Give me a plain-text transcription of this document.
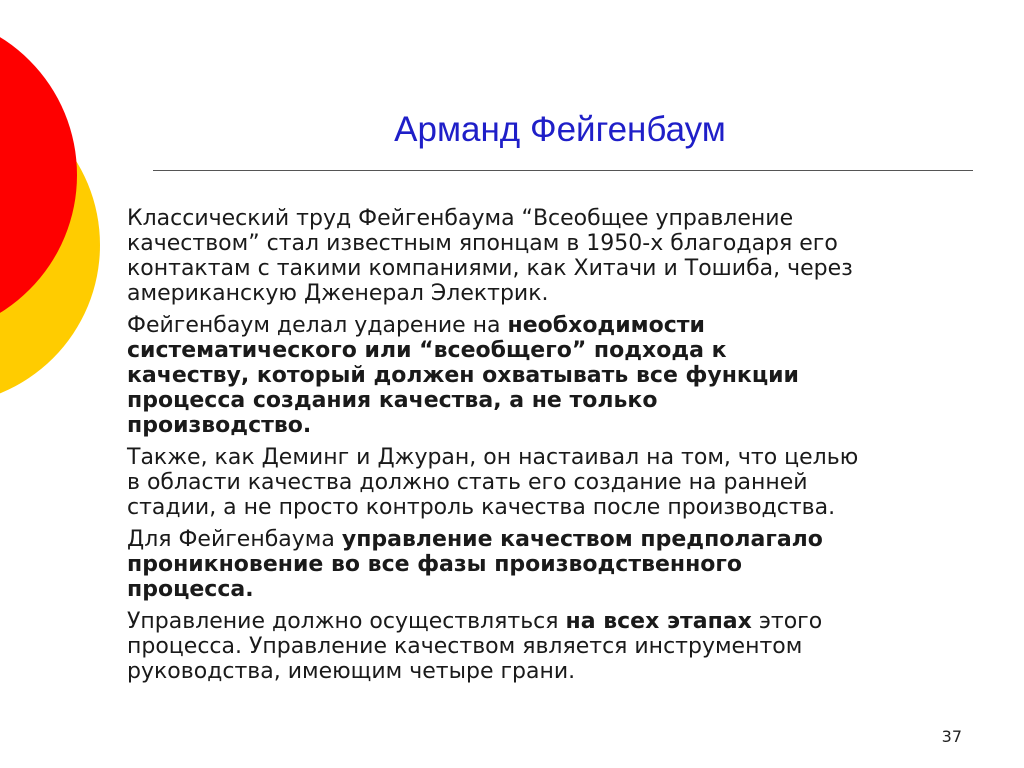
Арманд Фейгенбаум

Классический труд Фейгенбаума “Всеобщее управление
качеством” стал известным японцам в 1950-х благодаря его
контактам с такими компаниями, как Хитачи и Тошиба, через
американскую Дженерал Электрик.

Фейгенбаум делал ударение на необходимости
систематического или “всеобщего” подхода к
качеству, который должен охватывать все функции
процесса создания качества, а не только
производство.

Также, как Деминг и Джуран, он настаивал на том, что целью
в области качества должно стать его создание на ранней
стадии, а не просто контроль качества после производства.

Для Фейгенбаума управление качеством предполагало
проникновение во все фазы производственного
процесса.

Управление должно осуществляться на всех этапах этого
процесса. Управление качеством является инструментом
руководства, имеющим четыре грани.

37
